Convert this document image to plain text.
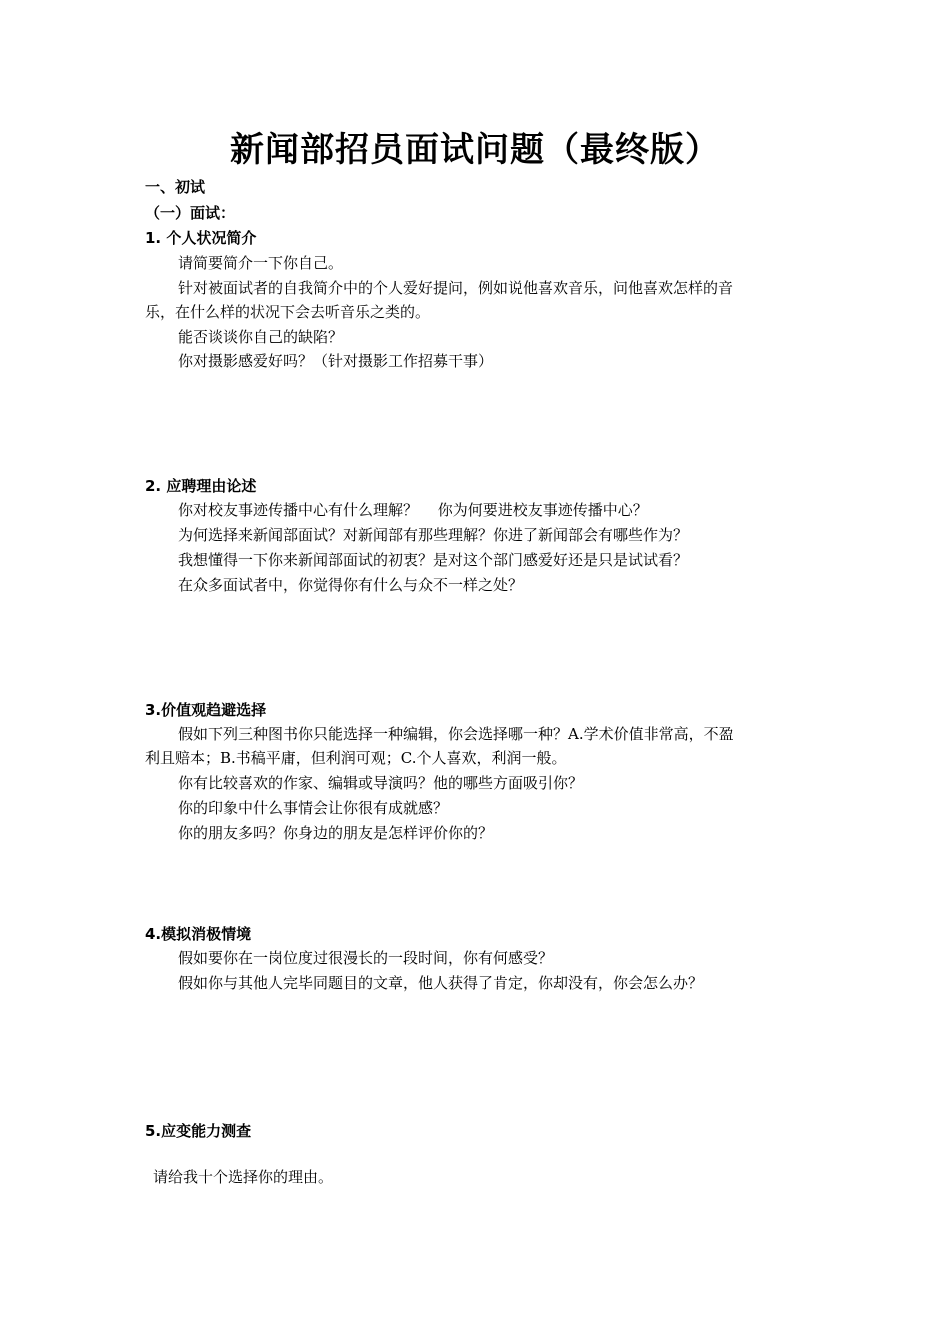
新闻部招员面试问题（最终版）
一、初试
（一）面试：
1. 个人状况简介
请简要简介一下你自己。
针对被面试者的自我简介中的个人爱好提问，例如说他喜欢音乐，问他喜欢怎样的音
乐，在什么样的状况下会去听音乐之类的。
能否谈谈你自己的缺陷？
你对摄影感爱好吗？（针对摄影工作招募干事）
2. 应聘理由论述
你对校友事迹传播中心有什么理解？　 你为何要进校友事迹传播中心？
为何选择来新闻部面试？对新闻部有那些理解？你进了新闻部会有哪些作为？
我想懂得一下你来新闻部面试的初衷？是对这个部门感爱好还是只是试试看？
在众多面试者中，你觉得你有什么与众不一样之处？
3.价值观趋避选择
假如下列三种图书你只能选择一种编辑，你会选择哪一种？A.学术价值非常高，不盈
利且赔本；B.书稿平庸，但利润可观；C.个人喜欢，利润一般。
你有比较喜欢的作家、编辑或导演吗？他的哪些方面吸引你？
你的印象中什么事情会让你很有成就感？
你的朋友多吗？你身边的朋友是怎样评价你的？
4.模拟消极情境
假如要你在一岗位度过很漫长的一段时间，你有何感受？
假如你与其他人完毕同题目的文章，他人获得了肯定，你却没有，你会怎么办？
5.应变能力测查
请给我十个选择你的理由。
